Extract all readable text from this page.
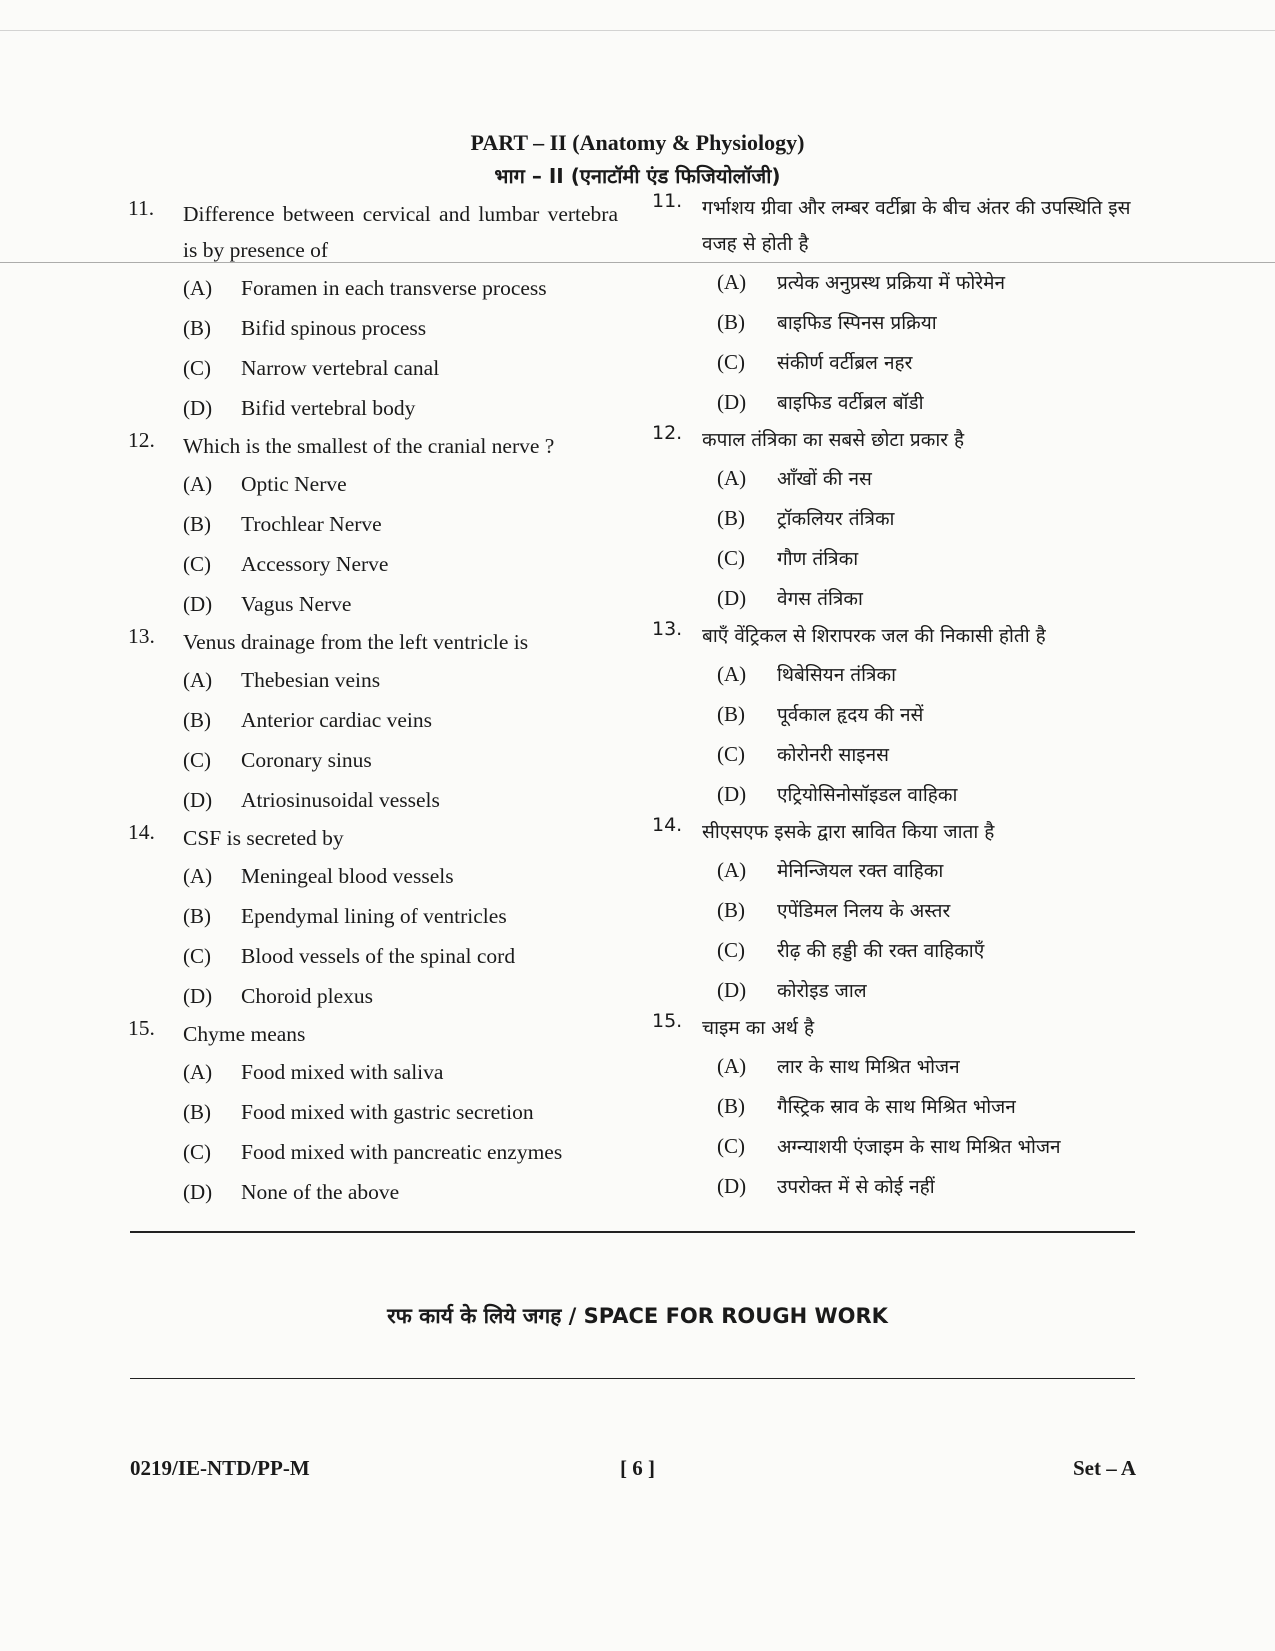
PART – II (Anatomy & Physiology)
भाग – II (एनाटॉमी एंड फिजियोलॉजी)
11.	Difference between cervical and lumbar vertebra is by presence of
(A)	Foramen in each transverse process
(B)	Bifid spinous process
(C)	Narrow vertebral canal
(D)	Bifid vertebral body
12.	Which is the smallest of the cranial nerve ?
(A)	Optic Nerve
(B)	Trochlear Nerve
(C)	Accessory Nerve
(D)	Vagus Nerve
13.	Venus drainage from the left ventricle is
(A)	Thebesian veins
(B)	Anterior cardiac veins
(C)	Coronary sinus
(D)	Atriosinusoidal vessels
14.	CSF is secreted by
(A)	Meningeal blood vessels
(B)	Ependymal lining of ventricles
(C)	Blood vessels of the spinal cord
(D)	Choroid plexus
15.	Chyme means
(A)	Food mixed with saliva
(B)	Food mixed with gastric secretion
(C)	Food mixed with pancreatic enzymes
(D)	None of the above
11.	गर्भाशय ग्रीवा और लम्बर वर्टीब्रा के बीच अंतर की उपस्थिति इस वजह से होती है
(A)	प्रत्येक अनुप्रस्थ प्रक्रिया में फोरेमेन
(B)	बाइफिड स्पिनस प्रक्रिया
(C)	संकीर्ण वर्टीब्रल नहर
(D)	बाइफिड वर्टीब्रल बॉडी
12.	कपाल तंत्रिका का सबसे छोटा प्रकार है
(A)	आँखों की नस
(B)	ट्रॉकलियर तंत्रिका
(C)	गौण तंत्रिका
(D)	वेगस तंत्रिका
13.	बाएँ वेंट्रिकल से शिरापरक जल की निकासी होती है
(A)	थिबेसियन तंत्रिका
(B)	पूर्वकाल हृदय की नसें
(C)	कोरोनरी साइनस
(D)	एट्रियोसिनोसॉइडल वाहिका
14.	सीएसएफ इसके द्वारा स्रावित किया जाता है
(A)	मेनिन्जियल रक्त वाहिका
(B)	एपेंडिमल निलय के अस्तर
(C)	रीढ़ की हड्डी की रक्त वाहिकाएँ
(D)	कोरोइड जाल
15.	चाइम का अर्थ है
(A)	लार के साथ मिश्रित भोजन
(B)	गैस्ट्रिक स्राव के साथ मिश्रित भोजन
(C)	अग्न्याशयी एंजाइम के साथ मिश्रित भोजन
(D)	उपरोक्त में से कोई नहीं
रफ कार्य के लिये जगह / SPACE FOR ROUGH WORK
0219/IE-NTD/PP-M	[ 6 ]	Set – A
